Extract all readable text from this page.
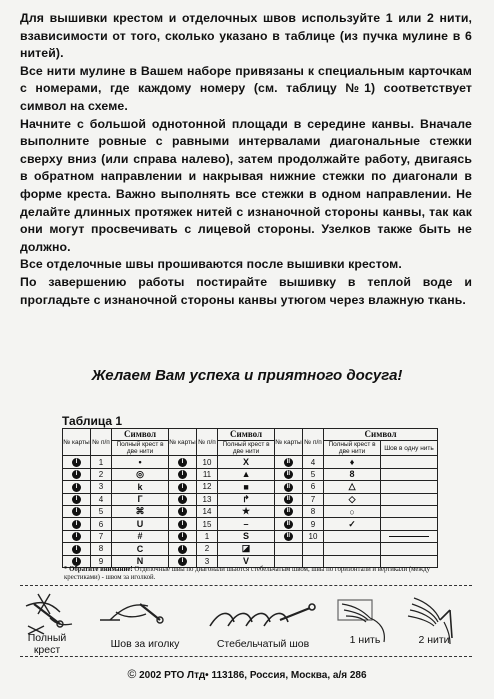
Для вышивки крестом и отделочных швов используйте 1 или 2 нити, взависимости от того, сколько указано в таблице (из пучка мулине в 6 нитей).

Все нити мулине в Вашем наборе привязаны к специальным карточкам с номерами, где каждому номеру (см. таблицу №1) соответствует символ на схеме.

Начните с большой однотонной площади в середине канвы. Вначале выполните ровные с равными интервалами диагональные стежки сверху вниз (или справа налево), затем продолжайте работу, двигаясь в обратном направлении и накрывая нижние стежки по диагонали в форме креста. Важно выполнять все стежки в одном направлении. Не делайте длинных протяжек нитей с изнаночной стороны канвы, так как они могут просвечивать с лицевой стороны. Узелков также быть не должно.

Все отделочные швы прошиваются после вышивки крестом.

По завершению работы постирайте вышивку в теплой воде и прогладьте с изнаночной стороны канвы утюгом через влажную ткань.

Желаем Вам успеха и приятного досуга!
Таблица 1
№ карты	№ п/п	Символ	№ карты	№ п/п	Символ	№ карты	№ п/п	Символ	
		Полный крест в две нити			Полный крест в две нити			Полный крест в две нити	Шов в одну нить
I	1	•	I	10	X	II	4	♦	
I	2	◎	I	11	▲	II	5	8	
I	3	k	I	12	■	II	6	△	
I	4	Г	I	13	↱	II	7	◇	
I	5	⌘	I	14	★	II	8	○	
I	6	U	I	15	–	II	9	✓	
I	7	#	I	1	S	II	10		

I	8	C	I	2	◪				
I	9	N	I	3	V				
* Обратите внимание! Отделочные швы по диагонали шьются стебельчатым швом, швы по горизонтали и вертикали (между крестиками) - швом за иголкой.
Полный крест	Шов за иголку	Стебельчатый шов	1 нить	2 нити
© 2002 РТО Лтд• 113186, Россия, Москва, а/я 286
